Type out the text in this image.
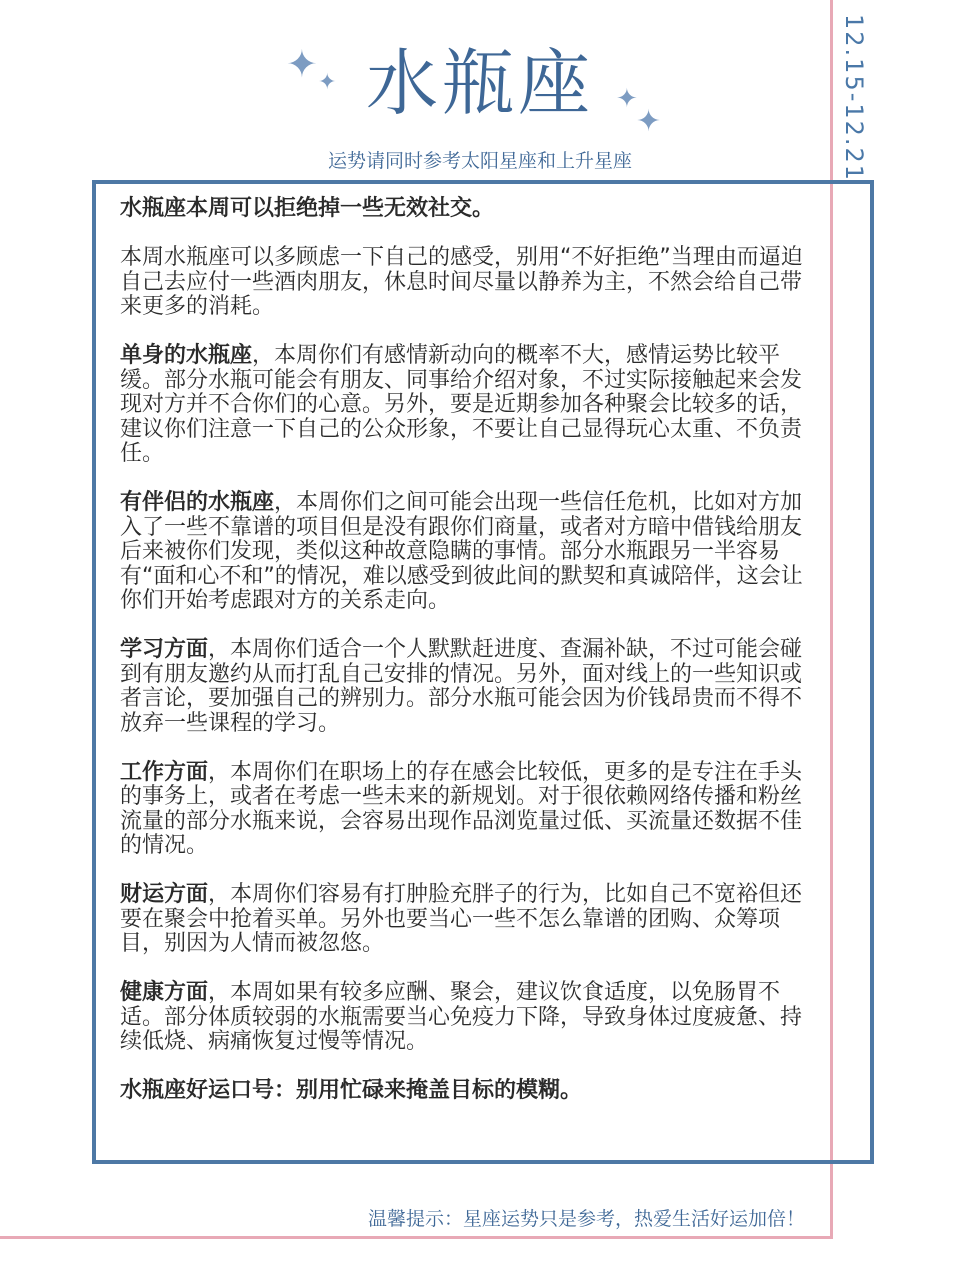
12.15-12.21
✦ ✦ 水瓶座 ✦
✦
运势请同时参考太阳星座和上升星座

水瓶座本周可以拒绝掉一些无效社交。

本周水瓶座可以多顾虑一下自己的感受，别用“不好拒绝”当理由而逼迫自己去应付一些酒肉朋友，休息时间尽量以静养为主，不然会给自己带来更多的消耗。

单身的水瓶座，本周你们有感情新动向的概率不大，感情运势比较平缓。部分水瓶可能会有朋友、同事给介绍对象，不过实际接触起来会发现对方并不合你们的心意。另外，要是近期参加各种聚会比较多的话，建议你们注意一下自己的公众形象，不要让自己显得玩心太重、不负责任。

有伴侣的水瓶座，本周你们之间可能会出现一些信任危机，比如对方加入了一些不靠谱的项目但是没有跟你们商量，或者对方暗中借钱给朋友后来被你们发现，类似这种故意隐瞒的事情。部分水瓶跟另一半容易有“面和心不和”的情况，难以感受到彼此间的默契和真诚陪伴，这会让你们开始考虑跟对方的关系走向。

学习方面，本周你们适合一个人默默赶进度、查漏补缺，不过可能会碰到有朋友邀约从而打乱自己安排的情况。另外，面对线上的一些知识或者言论，要加强自己的辨别力。部分水瓶可能会因为价钱昂贵而不得不放弃一些课程的学习。

工作方面，本周你们在职场上的存在感会比较低，更多的是专注在手头的事务上，或者在考虑一些未来的新规划。对于很依赖网络传播和粉丝流量的部分水瓶来说，会容易出现作品浏览量过低、买流量还数据不佳的情况。

财运方面，本周你们容易有打肿脸充胖子的行为，比如自己不宽裕但还要在聚会中抢着买单。另外也要当心一些不怎么靠谱的团购、众筹项目，别因为人情而被忽悠。

健康方面，本周如果有较多应酬、聚会，建议饮食适度，以免肠胃不适。部分体质较弱的水瓶需要当心免疫力下降，导致身体过度疲惫、持续低烧、病痛恢复过慢等情况。

水瓶座好运口号：别用忙碌来掩盖目标的模糊。

温馨提示：星座运势只是参考，热爱生活好运加倍！
